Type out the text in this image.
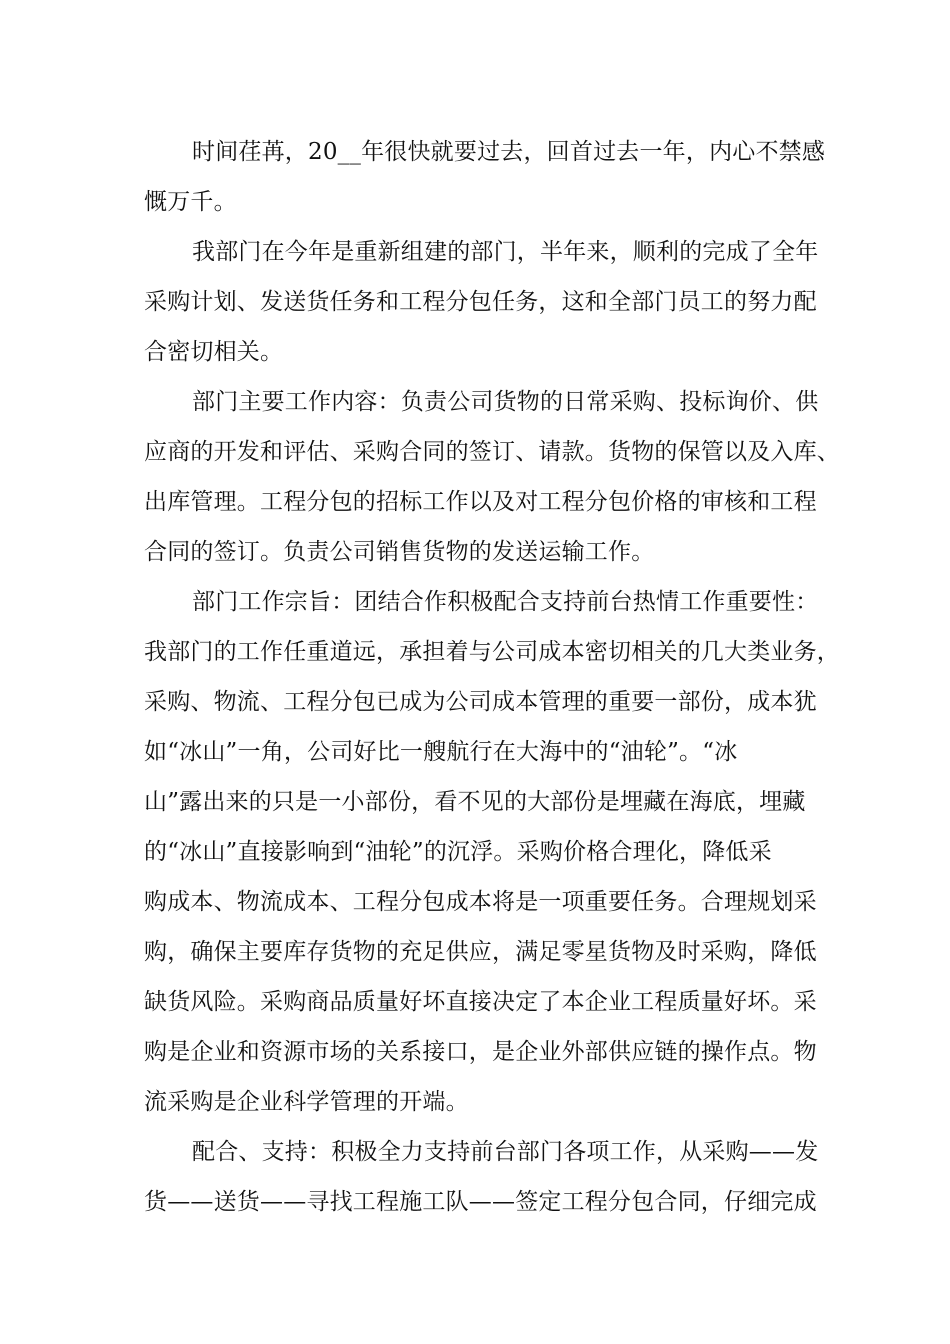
时间荏苒，20__年很快就要过去，回首过去一年，内心不禁感
慨万千。
我部门在今年是重新组建的部门，半年来，顺利的完成了全年
采购计划、发送货任务和工程分包任务，这和全部门员工的努力配
合密切相关。
部门主要工作内容：负责公司货物的日常采购、投标询价、供
应商的开发和评估、采购合同的签订、请款。货物的保管以及入库、
出库管理。工程分包的招标工作以及对工程分包价格的审核和工程
合同的签订。负责公司销售货物的发送运输工作。
部门工作宗旨：团结合作积极配合支持前台热情工作重要性：
我部门的工作任重道远，承担着与公司成本密切相关的几大类业务，
采购、物流、工程分包已成为公司成本管理的重要一部份，成本犹
如“冰山”一角，公司好比一艘航行在大海中的“油轮”。“冰
山”露出来的只是一小部份，看不见的大部份是埋藏在海底，埋藏
的“冰山”直接影响到“油轮”的沉浮。采购价格合理化，降低采
购成本、物流成本、工程分包成本将是一项重要任务。合理规划采
购，确保主要库存货物的充足供应，满足零星货物及时采购，降低
缺货风险。采购商品质量好坏直接决定了本企业工程质量好坏。采
购是企业和资源市场的关系接口，是企业外部供应链的操作点。物
流采购是企业科学管理的开端。
配合、支持：积极全力支持前台部门各项工作，从采购——发
货——送货——寻找工程施工队——签定工程分包合同，仔细完成
